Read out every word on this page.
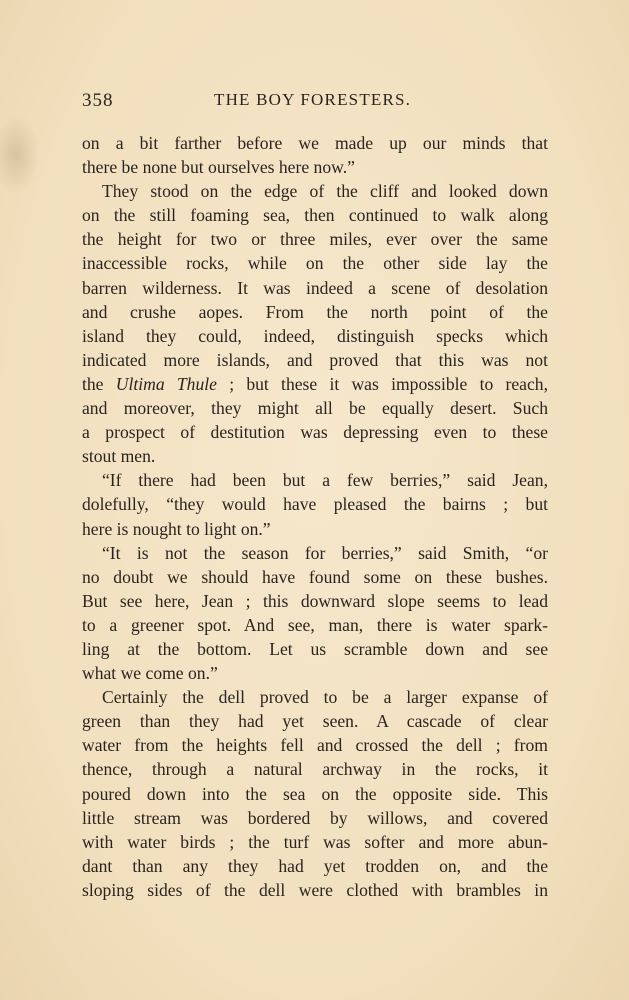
358	THE BOY FORESTERS.
on a bit farther before we made up our minds that
there be none but ourselves here now.”
They stood on the edge of the cliff and looked down
on the still foaming sea, then continued to walk along
the height for two or three miles, ever over the same
inaccessible rocks, while on the other side lay the
barren wilderness. It was indeed a scene of desolation
and crushe aopes. From the north point of the
island they could, indeed, distinguish specks which
indicated more islands, and proved that this was not
the Ultima Thule ; but these it was impossible to reach,
and moreover, they might all be equally desert. Such
a prospect of destitution was depressing even to these
stout men.
“If there had been but a few berries,” said Jean,
dolefully, “they would have pleased the bairns ; but
here is nought to light on.”
“It is not the season for berries,” said Smith, “or
no doubt we should have found some on these bushes.
But see here, Jean ; this downward slope seems to lead
to a greener spot. And see, man, there is water spark-
ling at the bottom. Let us scramble down and see
what we come on.”
Certainly the dell proved to be a larger expanse of
green than they had yet seen. A cascade of clear
water from the heights fell and crossed the dell ; from
thence, through a natural archway in the rocks, it
poured down into the sea on the opposite side. This
little stream was bordered by willows, and covered
with water birds ; the turf was softer and more abun-
dant than any they had yet trodden on, and the
sloping sides of the dell were clothed with brambles in
